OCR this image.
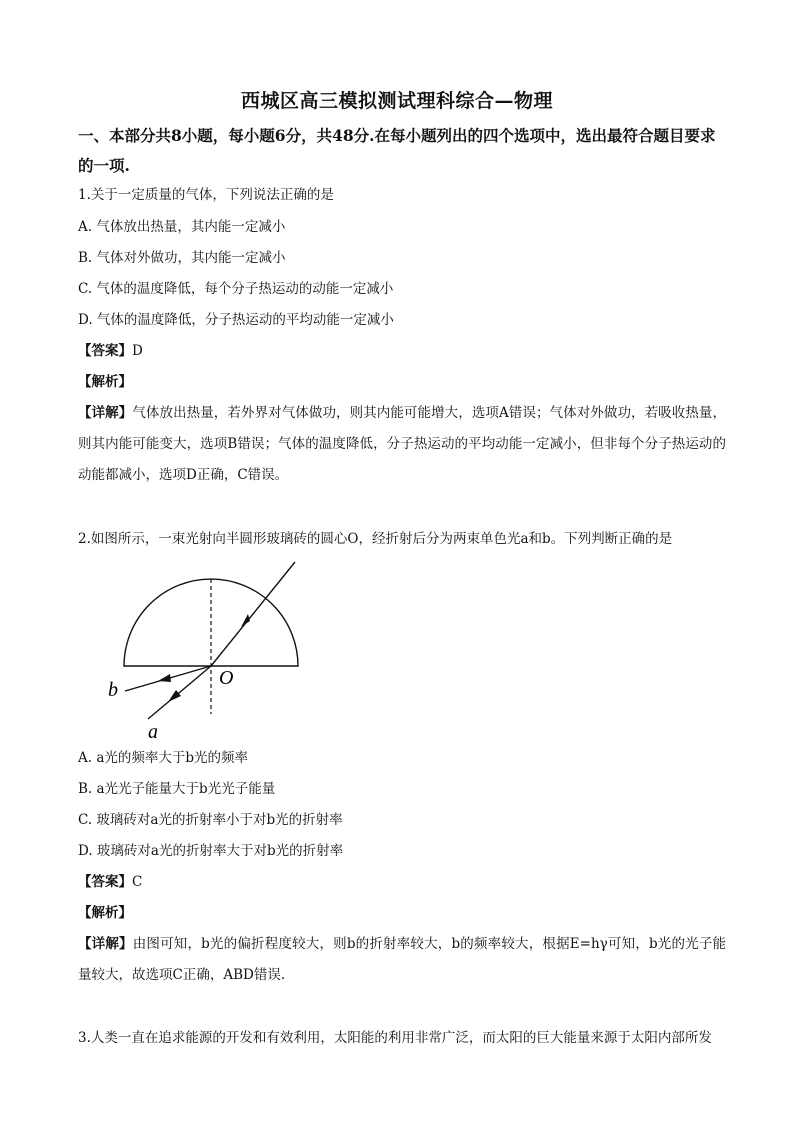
西城区高三模拟测试理科综合—物理
一、本部分共8小题，每小题6分，共48分.在每小题列出的四个选项中，选出最符合题目要求的一项.
1.关于一定质量的气体，下列说法正确的是
A. 气体放出热量，其内能一定减小
B. 气体对外做功，其内能一定减小
C. 气体的温度降低，每个分子热运动的动能一定减小
D. 气体的温度降低，分子热运动的平均动能一定减小
【答案】D
【解析】
【详解】气体放出热量，若外界对气体做功，则其内能可能增大，选项A错误；气体对外做功，若吸收热量，则其内能可能变大，选项B错误；气体的温度降低，分子热运动的平均动能一定减小，但非每个分子热运动的动能都减小，选项D正确，C错误。
2.如图所示，一束光射向半圆形玻璃砖的圆心O，经折射后分为两束单色光a和b。下列判断正确的是
O
b
a
A. a光的频率大于b光的频率
B. a光光子能量大于b光光子能量
C. 玻璃砖对a光的折射率小于对b光的折射率
D. 玻璃砖对a光的折射率大于对b光的折射率
【答案】C
【解析】
【详解】由图可知，b光的偏折程度较大，则b的折射率较大，b的频率较大，根据E=hγ可知，b光的光子能量较大，故选项C正确，ABD错误.
3.人类一直在追求能源的开发和有效利用，太阳能的利用非常广泛，而太阳的巨大能量来源于太阳内部所发
